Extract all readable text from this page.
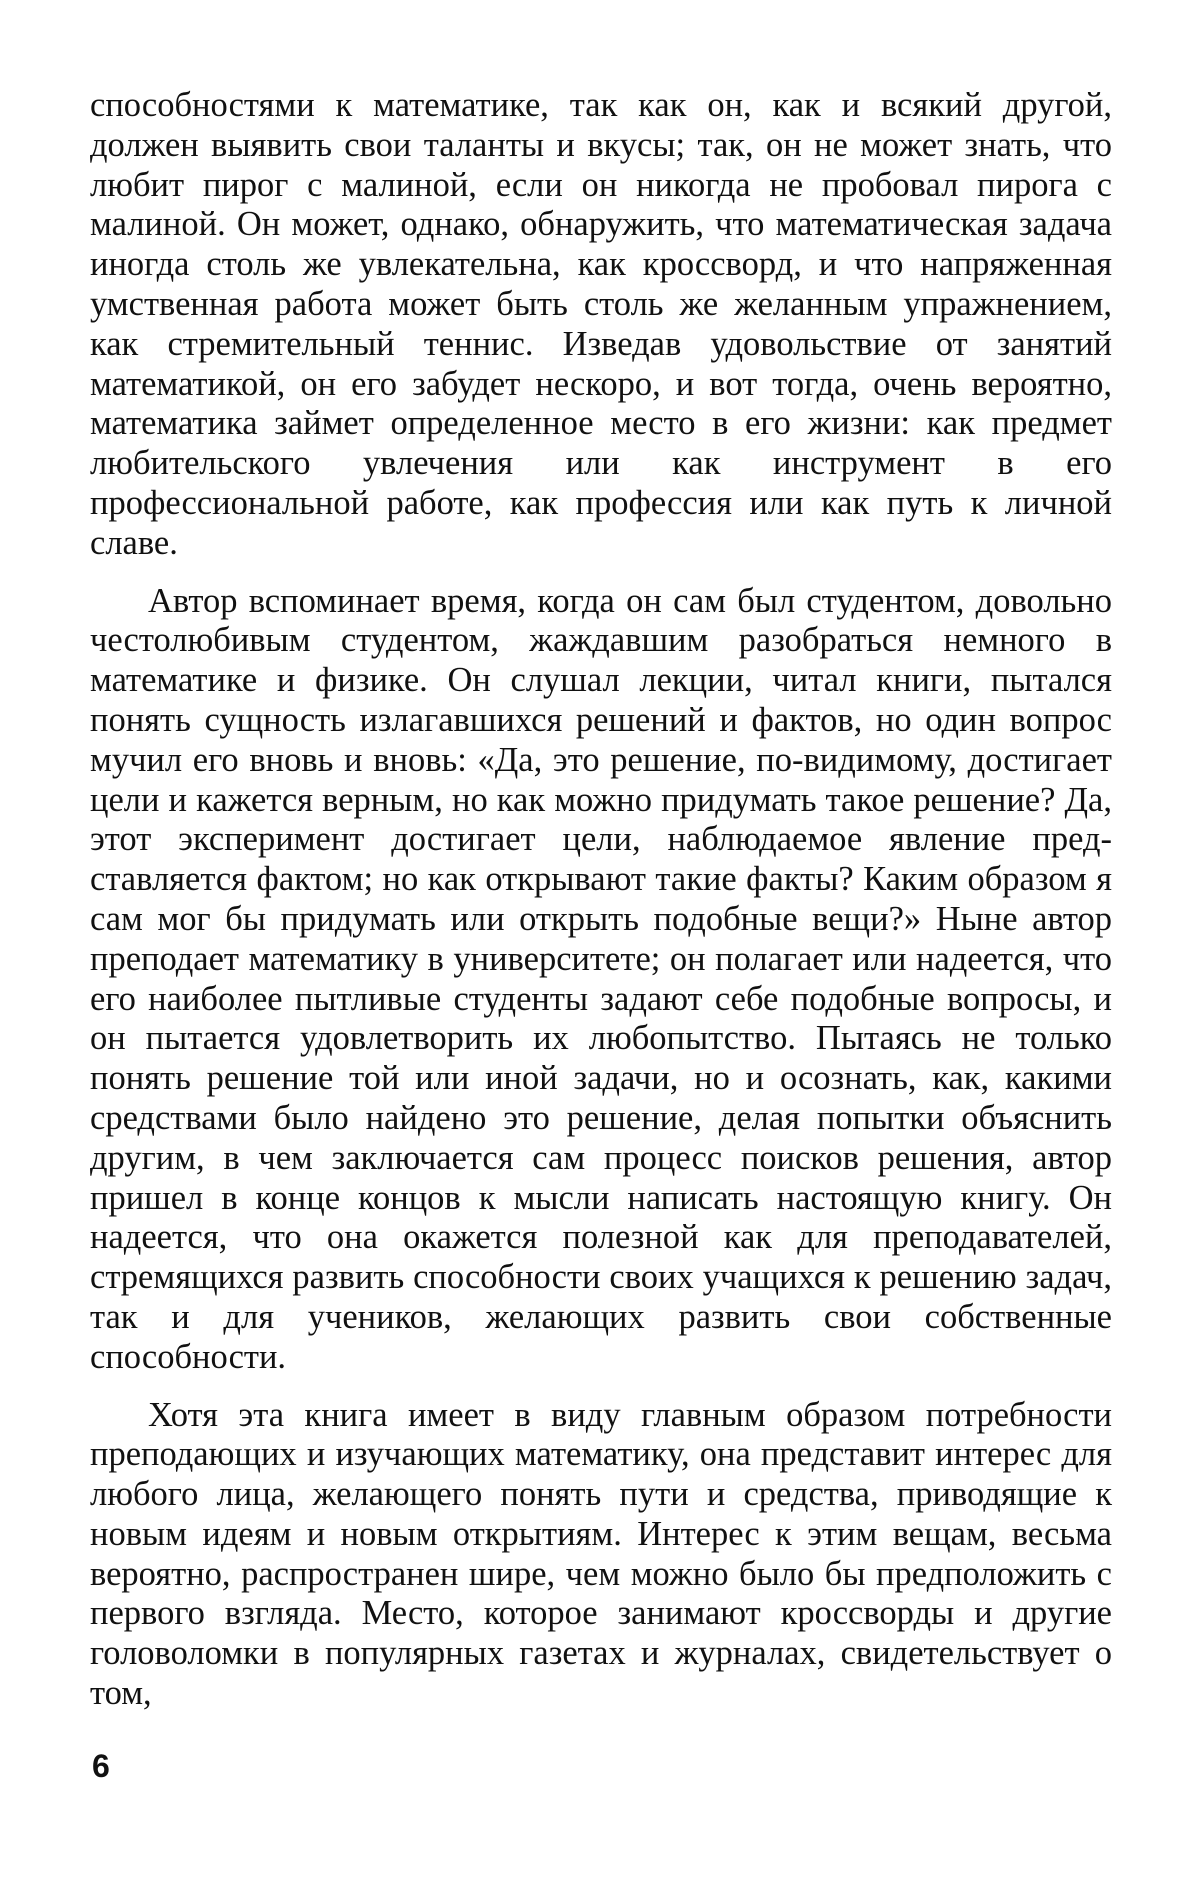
способностями к математике, так как он, как и всякий другой, должен выявить свои таланты и вкусы; так, он не может знать, что любит пирог с малиной, если он никогда не пробовал пирога с малиной. Он может, однако, обнаружить, что математическая задача иногда столь же увлекательна, как кроссворд, и что напряженная умственная работа может быть столь же желанным упражнением, как стремительный теннис. Изведав удовольствие от занятий математикой, он его забудет нескоро, и вот тогда, очень вероятно, математика займет определенное место в его жизни: как предмет любительского увлечения или как инструмент в его профессиональной работе, как профессия или как путь к личной славе.

Автор вспоминает время, когда он сам был студентом, довольно честолюбивым студентом, жаждавшим разобраться немного в математике и физике. Он слушал лекции, читал книги, пытался понять сущность излагавшихся решений и фактов, но один вопрос мучил его вновь и вновь: «Да, это решение, по-видимому, достигает цели и кажется верным, но как можно придумать такое решение? Да, этот эксперимент достигает цели, наблюдаемое явление представляется фактом; но как открывают такие факты? Каким образом я сам мог бы придумать или открыть подобные вещи?» Ныне автор преподает математику в университете; он полагает или надеется, что его наиболее пытливые студенты задают себе подобные вопросы, и он пытается удовлетворить их любопытство. Пытаясь не только понять решение той или иной задачи, но и осознать, как, какими средствами было найдено это решение, делая попытки объяснить другим, в чем заключается сам процесс поисков решения, автор пришел в конце концов к мысли написать настоящую книгу. Он надеется, что она окажется полезной как для преподавателей, стремящихся развить способности своих учащихся к решению задач, так и для учеников, желающих развить свои собственные способности.

Хотя эта книга имеет в виду главным образом потребности преподающих и изучающих математику, она представит интерес для любого лица, желающего понять пути и средства, приводящие к новым идеям и новым открытиям. Интерес к этим вещам, весьма вероятно, распространен шире, чем можно было бы предположить с первого взгляда. Место, которое занимают кроссворды и другие головоломки в популярных газетах и журналах, свидетельствует о том,

6
